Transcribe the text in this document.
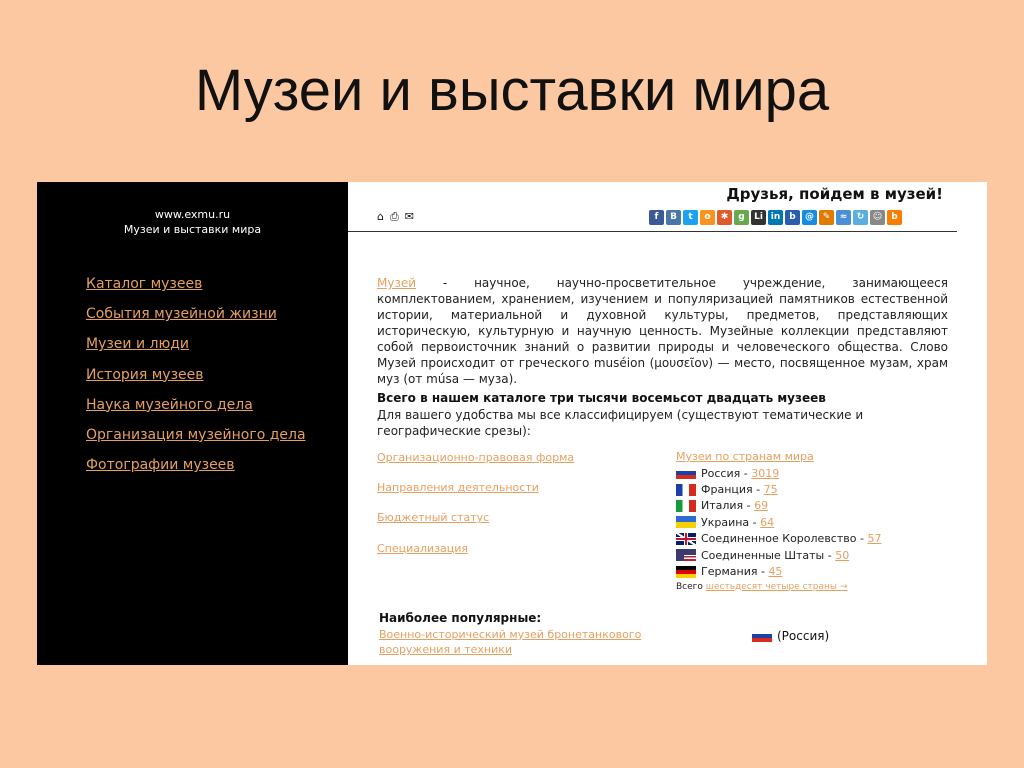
Музеи и выставки мира
www.exmu.ru
Музеи и выставки мира
Каталог музеев
События музейной жизни
Музеи и люди
История музеев
Наука музейного дела
Организация музейного дела
Фотографии музеев
Друзья, пойдем в музей!
⌂⎙✉	f	B	t	o	✱	g	Li in	b	@ ✎	≈	↻ ☺	b
Музей - научное, научно-просветительное учреждение, занимающееся комплектованием, хранением, изучением и популяризацией памятников естественной истории, материальной и духовной культуры, предметов, представляющих историческую, культурную и научную ценность. Музейные коллекции представляют собой первоисточник знаний о развитии природы и человеческого общества. Слово Музей происходит от греческого muséion (μουσεῖον) — место, посвященное музам, храм муз (от músa — муза).
Всего в нашем каталоге три тысячи восемьсот двадцать музеев
Для вашего удобства мы все классифицируем (существуют тематические и географические срезы):
Организационно-правовая форма
Направления деятельности
Бюджетный статус
Специализация
Музеи по странам мира
Россия - 3019
Франция - 75
Италия - 69
Украина - 64
Соединенное Королевство - 57
Соединенные Штаты - 50
Германия - 45
Всего шестьдесят четыре страны →
Наиболее популярные:
Военно-исторический музей бронетанкового вооружения и техники
(Россия)
